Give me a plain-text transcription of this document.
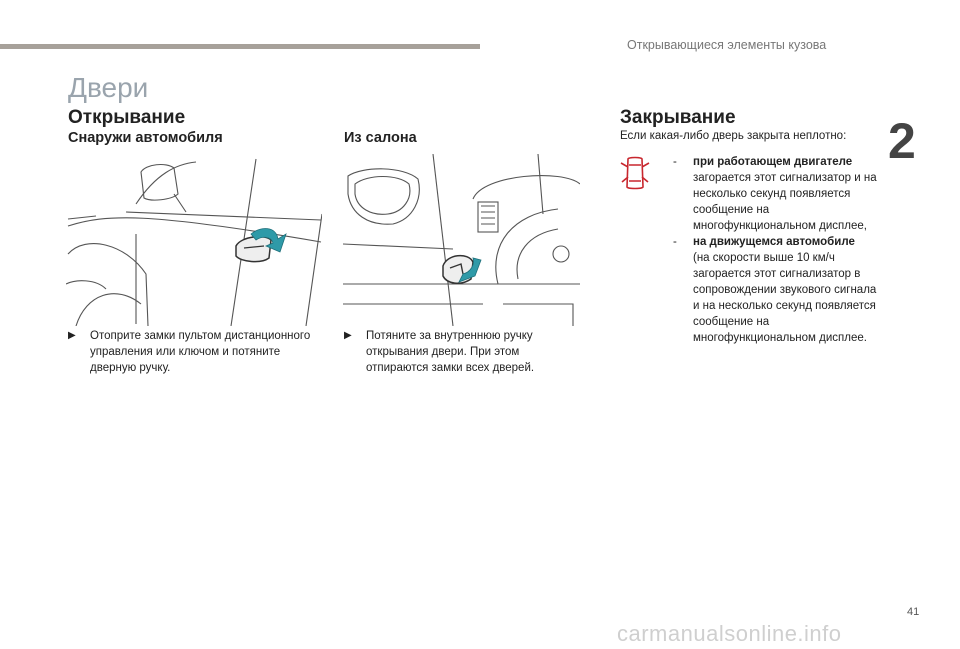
Открывающиеся элементы кузова
2
Двери
Открывание
Снаружи автомобиля	Из салона
▶	Отоприте замки пультом дистанционного управления или ключом и потяните дверную ручку.
▶	Потяните за внутреннюю ручку открывания двери. При этом отпираются замки всех дверей.
Закрывание
Если какая-либо дверь закрыта неплотно:
-	при работающем двигателе
загорается этот сигнализатор и на несколько секунд появляется сообщение на многофункциональном дисплее,
-	на движущемся автомобиле
(на скорости выше 10 км/ч загорается этот сигнализатор в сопровождении звукового сигнала и на несколько секунд появляется сообщение на многофункциональном дисплее.
41
carmanualsonline.info
